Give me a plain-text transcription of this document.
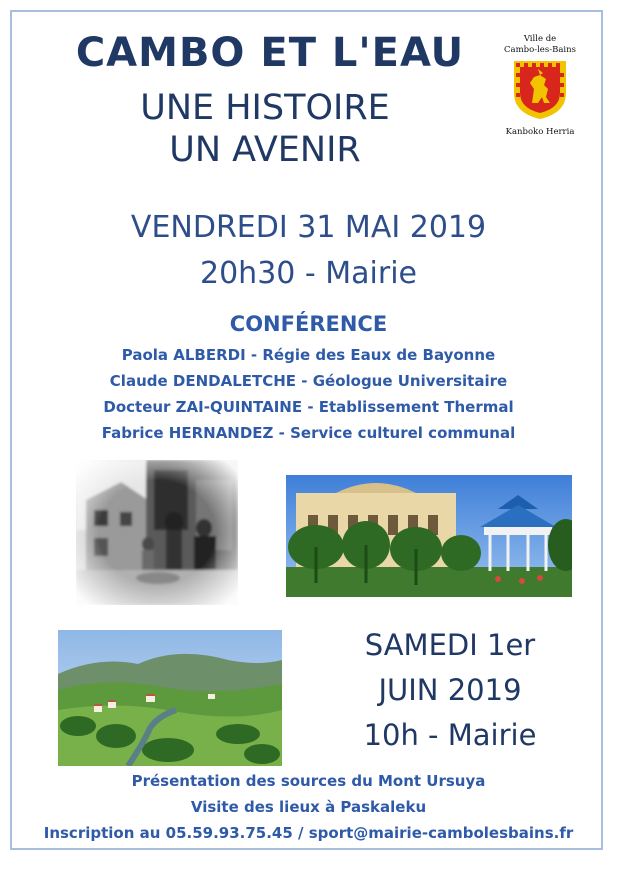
CAMBO ET L'EAU
UNE HISTOIRE
UN AVENIR
Ville de
Cambo-les-Bains
Kanboko Herria
VENDREDI 31 MAI 2019
20h30 - Mairie
CONFÉRENCE
Paola ALBERDI - Régie des Eaux de Bayonne
Claude DENDALETCHE - Géologue Universitaire
Docteur ZAI-QUINTAINE - Etablissement Thermal
Fabrice HERNANDEZ - Service culturel communal
SAMEDI 1er
JUIN 2019
10h - Mairie
Présentation des sources du Mont Ursuya
Visite des lieux à Paskaleku
Inscription au 05.59.93.75.45 / sport@mairie-cambolesbains.fr
